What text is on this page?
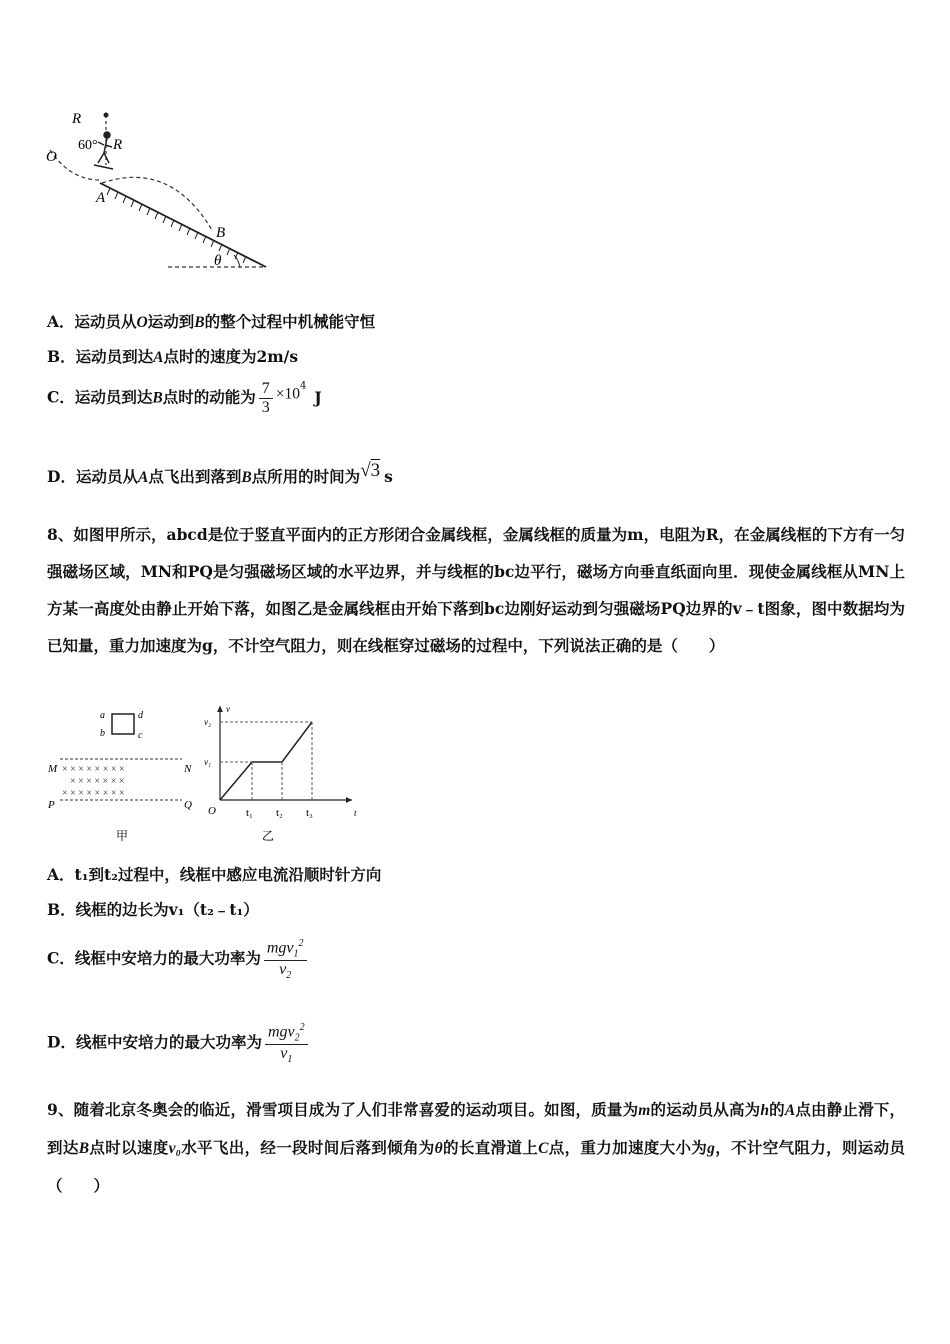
R
R
60°
O
A
B
θ
A．运动员从O运动到B的整个过程中机械能守恒
B．运动员到达A点时的速度为2m/s
C．运动员到达B点时的动能为 $\frac{7}{3} \times 10^4J$
D．运动员从A点飞出到落到B点所用的时间为√3 s
8、如图甲所示，abcd是位于竖直平面内的正方形闭合金属线框，金属线框的质量为m，电阻为R，在金属线框的下方有一匀强磁场区域，MN和PQ是匀强磁场区域的水平边界，并与线框的bc边平行，磁场方向垂直纸面向里．现使金属线框从MN上方某一高度处由静止开始下落，如图乙是金属线框由开始下落到bc边刚好运动到匀强磁场PQ边界的v﹣t图象，图中数据均为已知量，重力加速度为g，不计空气阻力，则在线框穿过磁场的过程中，下列说法正确的是（　　）
a	d
b	c
× × × × × × × ×
× × × × × × ×
× × × × × × × ×
M	N
P	Q
甲
v
t
O
v₁
v₂
t₁ t₂ t₃
乙
A．t₁到t₂过程中，线框中感应电流沿顺时针方向
B．线框的边长为v₁（t₂﹣t₁）
C．线框中安培力的最大功率为 $\frac{mgv_1^2}{v_2}$
D．线框中安培力的最大功率为 $\frac{mgv_2^2}{v_1}$
9、随着北京冬奥会的临近，滑雪项目成为了人们非常喜爱的运动项目。如图，质量为m的运动员从高为h的A点由静止滑下，到达B点时以速度v₀水平飞出，经一段时间后落到倾角为θ的长直滑道上C点，重力加速度大小为g，不计空气阻力，则运动员（　　）
